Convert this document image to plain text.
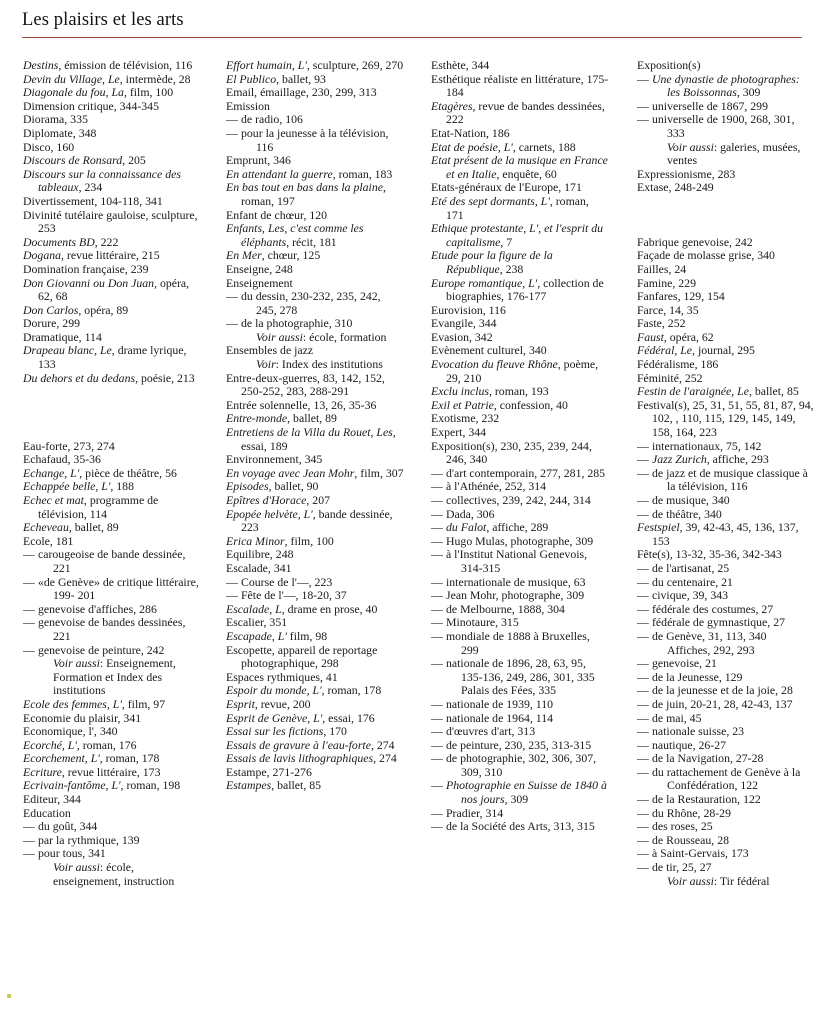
Les plaisirs et les arts

Destins, émission de télévision, 116

Devin du Village, Le, intermède, 28

Diagonale du fou, La, film, 100

Dimension critique, 344-345

Diorama, 335

Diplomate, 348

Disco, 160

Discours de Ronsard, 205

Discours sur la connaissance des tableaux, 234

Divertissement, 104-118, 341

Divinité tutélaire gauloise, sculpture, 253

Documents BD, 222

Dogana, revue littéraire, 215

Domination française, 239

Don Giovanni ou Don Juan, opéra, 62, 68

Don Carlos, opéra, 89

Dorure, 299

Dramatique, 114

Drapeau blanc, Le, drame lyrique, 133

Du dehors et du dedans, poésie, 213

Eau-forte, 273, 274

Echafaud, 35-36

Echange, L', pièce de théâtre, 56

Echappée belle, L', 188

Echec et mat, programme de télévision, 114

Echeveau, ballet, 89

Ecole, 181

— carougeoise de bande dessinée, 221

— «de Genève» de critique littéraire, 199- 201

— genevoise d'affiches, 286

— genevoise de bandes dessinées, 221

— genevoise de peinture, 242

Voir aussi: Enseignement, Formation et Index des institutions

Ecole des femmes, L', film, 97

Economie du plaisir, 341

Economique, l', 340

Ecorché, L', roman, 176

Ecorchement, L', roman, 178

Ecriture, revue littéraire, 173

Ecrivain-fantôme, L', roman, 198

Editeur, 344

Education

— du goût, 344

— par la rythmique, 139

— pour tous, 341

Voir aussi: école, enseignement, instruction

Effort humain, L', sculpture, 269, 270

El Publico, ballet, 93

Email, émaillage, 230, 299, 313

Emission

— de radio, 106

— pour la jeunesse à la télévision, 116

Emprunt, 346

En attendant la guerre, roman, 183

En bas tout en bas dans la plaine, roman, 197

Enfant de chœur, 120

Enfants, Les, c'est comme les éléphants, récit, 181

En Mer, chœur, 125

Enseigne, 248

Enseignement

— du dessin, 230-232, 235, 242, 245, 278

— de la photographie, 310

Voir aussi: école, formation

Ensembles de jazz

Voir: Index des institutions

Entre-deux-guerres, 83, 142, 152, 250-252, 283, 288-291

Entrée solennelle, 13, 26, 35-36

Entre-monde, ballet, 89

Entretiens de la Villa du Rouet, Les, essai, 189

Environnement, 345

En voyage avec Jean Mohr, film, 307

Episodes, ballet, 90

Epîtres d'Horace, 207

Epopée helvète, L', bande dessinée, 223

Erica Minor, film, 100

Equilibre, 248

Escalade, 341

— Course de l'—, 223

— Fête de l'—, 18-20, 37

Escalade, L, drame en prose, 40

Escalier, 351

Escapade, L' film, 98

Escopette, appareil de reportage photographique, 298

Espaces rythmiques, 41

Espoir du monde, L', roman, 178

Esprit, revue, 200

Esprit de Genève, L', essai, 176

Essai sur les fictions, 170

Essais de gravure à l'eau-forte, 274

Essais de lavis lithographiques, 274

Estampe, 271-276

Estampes, ballet, 85

Esthète, 344

Esthétique réaliste en littérature, 175-184

Etagères, revue de bandes dessinées, 222

Etat-Nation, 186

Etat de poésie, L', carnets, 188

Etat présent de la musique en France et en Italie, enquête, 60

Etats-généraux de l'Europe, 171

Eté des sept dormants, L', roman, 171

Ethique protestante, L', et l'esprit du capitalisme, 7

Etude pour la figure de la République, 238

Europe romantique, L', collection de biographies, 176-177

Eurovision, 116

Evangile, 344

Evasion, 342

Evènement culturel, 340

Evocation du fleuve Rhône, poème, 29, 210

Exclu inclus, roman, 193

Exil et Patrie, confession, 40

Exotisme, 232

Expert, 344

Exposition(s), 230, 235, 239, 244, 246, 340

— d'art contemporain, 277, 281, 285

— à l'Athénée, 252, 314

— collectives, 239, 242, 244, 314

— Dada, 306

— du Falot, affiche, 289

— Hugo Mulas, photographe, 309

— à l'Institut National Genevois, 314-315

— internationale de musique, 63

— Jean Mohr, photographe, 309

— de Melbourne, 1888, 304

— Minotaure, 315

— mondiale de 1888 à Bruxelles, 299

— nationale de 1896, 28, 63, 95, 135-136, 249, 286, 301, 335

Palais des Fées, 335

— nationale de 1939, 110

— nationale de 1964, 114

— d'œuvres d'art, 313

— de peinture, 230, 235, 313-315

— de photographie, 302, 306, 307, 309, 310

— Photographie en Suisse de 1840 à nos jours, 309

— Pradier, 314

— de la Société des Arts, 313, 315

Exposition(s)

— Une dynastie de photographes: les Boissonnas, 309

— universelle de 1867, 299

— universelle de 1900, 268, 301, 333

Voir aussi: galeries, musées, ventes

Expressionisme, 283

Extase, 248-249

Fabrique genevoise, 242

Façade de molasse grise, 340

Failles, 24

Famine, 229

Fanfares, 129, 154

Farce, 14, 35

Faste, 252

Faust, opéra, 62

Fédéral, Le, journal, 295

Fédéralisme, 186

Féminité, 252

Festin de l'araignée, Le, ballet, 85

Festival(s), 25, 31, 51, 55, 81, 87, 94, 102, , 110, 115, 129, 145, 149, 158, 164, 223

— internationaux, 75, 142

— Jazz Zurich, affiche, 293

— de jazz et de musique classique à la télévision, 116

— de musique, 340

— de théâtre, 340

Festspiel, 39, 42-43, 45, 136, 137, 153

Fête(s), 13-32, 35-36, 342-343

— de l'artisanat, 25

— du centenaire, 21

— civique, 39, 343

— fédérale des costumes, 27

— fédérale de gymnastique, 27

— de Genève, 31, 113, 340

Affiches, 292, 293

— genevoise, 21

— de la Jeunesse, 129

— de la jeunesse et de la joie, 28

— de juin, 20-21, 28, 42-43, 137

— de mai, 45

— nationale suisse, 23

— nautique, 26-27

— de la Navigation, 27-28

— du rattachement de Genève à la Confédération, 122

— de la Restauration, 122

— du Rhône, 28-29

— des roses, 25

— de Rousseau, 28

— à Saint-Gervais, 173

— de tir, 25, 27

Voir aussi: Tir fédéral
